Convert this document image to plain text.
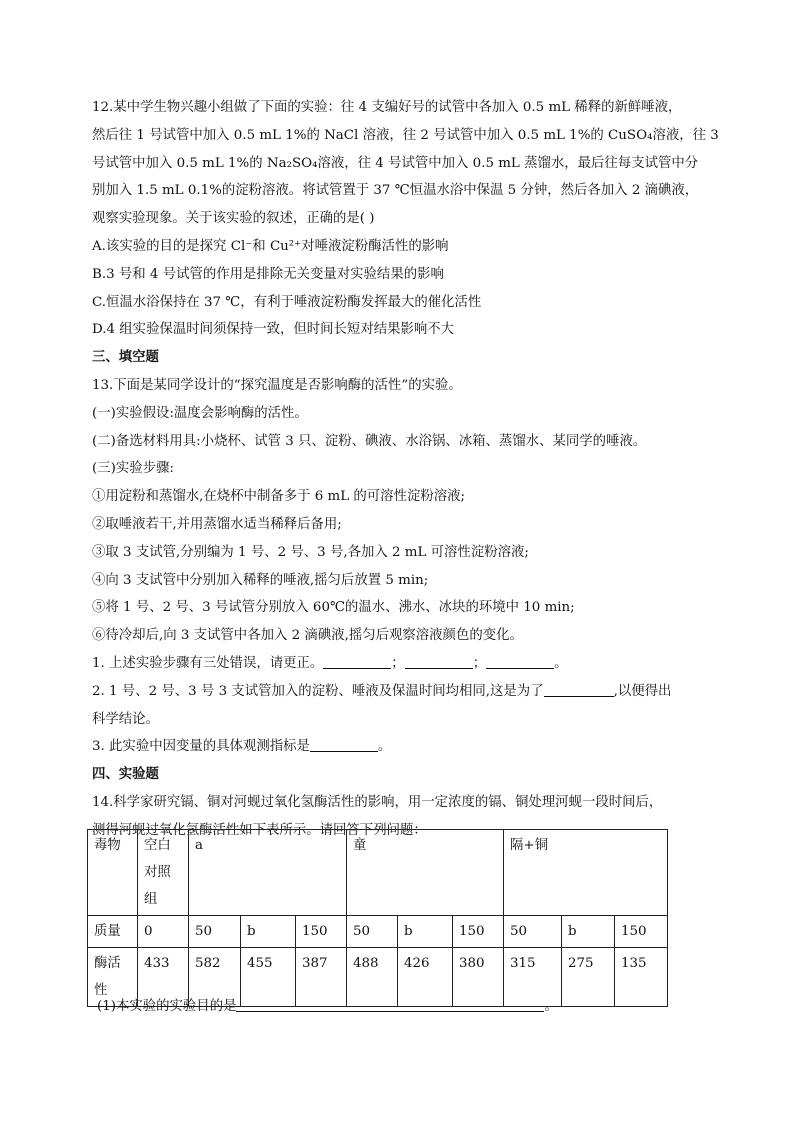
12.某中学生物兴趣小组做了下面的实验：往 4 支编好号的试管中各加入 0.5 mL 稀释的新鲜唾液，
然后往 1 号试管中加入 0.5 mL 1%的 NaCl 溶液，往 2 号试管中加入 0.5 mL 1%的 CuSO₄溶液，往 3
号试管中加入 0.5 mL 1%的 Na₂SO₄溶液，往 4 号试管中加入 0.5 mL 蒸馏水，最后往每支试管中分
别加入 1.5 mL 0.1%的淀粉溶液。将试管置于 37 ℃恒温水浴中保温 5 分钟，然后各加入 2 滴碘液，
观察实验现象。关于该实验的叙述，正确的是( )
A.该实验的目的是探究 Cl⁻和 Cu²⁺对唾液淀粉酶活性的影响
B.3 号和 4 号试管的作用是排除无关变量对实验结果的影响
C.恒温水浴保持在 37 ℃，有利于唾液淀粉酶发挥最大的催化活性
D.4 组实验保温时间须保持一致，但时间长短对结果影响不大
三、填空题
13.下面是某同学设计的“探究温度是否影响酶的活性”的实验。
(一)实验假设:温度会影响酶的活性。
(二)备选材料用具:小烧杯、试管 3 只、淀粉、碘液、水浴锅、冰箱、蒸馏水、某同学的唾液。
(三)实验步骤:
①用淀粉和蒸馏水,在烧杯中制备多于 6 mL 的可溶性淀粉溶液;
②取唾液若干,并用蒸馏水适当稀释后备用;
③取 3 支试管,分别编为 1 号、2 号、3 号,各加入 2 mL 可溶性淀粉溶液;
④向 3 支试管中分别加入稀释的唾液,摇匀后放置 5 min;
⑤将 1 号、2 号、3 号试管分别放入 60℃的温水、沸水、冰块的环境中 10 min;
⑥待冷却后,向 3 支试管中各加入 2 滴碘液,摇匀后观察溶液颜色的变化。
1. 上述实验步骤有三处错误，请更正。	；	；	。
2. 1 号、2 号、3 号 3 支试管加入的淀粉、唾液及保温时间均相同,这是为了	,以便得出
科学结论。
3. 此实验中因变量的具体观测指标是	。
四、实验题
14.科学家研究镉、铜对河蚬过氧化氢酶活性的影响，用一定浓度的镉、铜处理河蚬一段时间后，
测得河蚬过氧化氢酶活性如下表所示。请回答下列问题：
毒物	空白对照组	a			童			隔+铜		
质量	0	50	b	150	50	b	150	50	b	150
酶活性	433	582	455	387	488	426	380	315	275	135
(1)本实验的实验目的是	。
